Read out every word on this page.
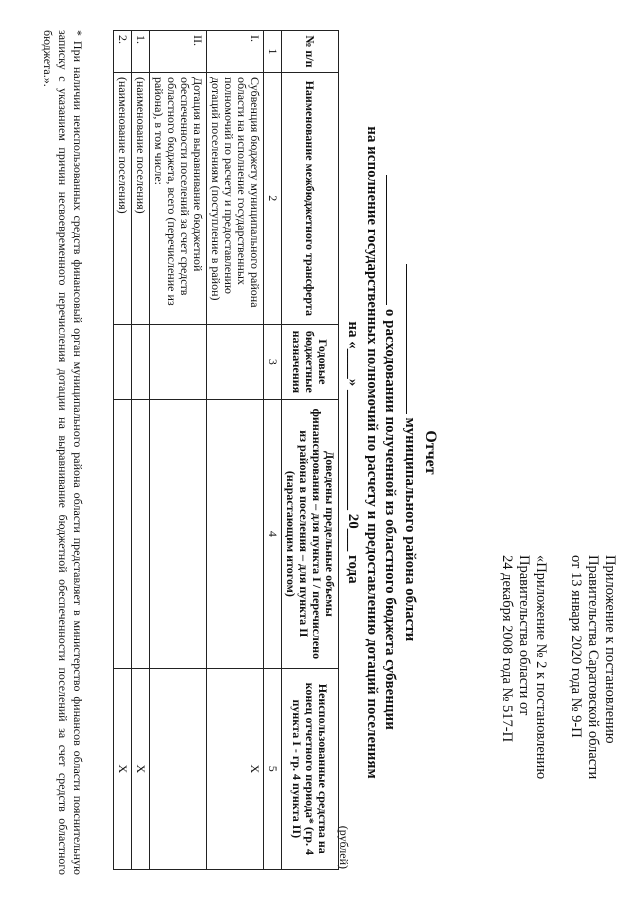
Приложение к постановлению
Правительства Саратовской области
от 13 января 2020 года № 9-П
«Приложение № 2 к постановлению
Правительства области от
24 декабря 2008 года № 517-П
Отчет
муниципального района области
о расходовании полученной из областного бюджета субвенции
на исполнение государственных полномочий по расчету и предоставлению дотаций поселениям
на «____» ________________ 20___ года
(рублей)
№ п/п	Наименование межбюджетного трансферта	Годовые бюджетные назначения	Доведены предельные объемы финансирования – для пункта I / перечислено из района в поселения – для пункта II (нарастающим итогом)	Неиспользованные средства на конец отчетного периода* (гр. 4 пункта I - гр. 4 пункта II)
1	2	3	4	5
I.	Субвенция бюджету муниципального района области на исполнение государственных полномочий по расчету и предоставлению дотаций поселениям (поступление в район)			Х
II.	Дотация на выравнивание бюджетной обеспеченности поселений за счет средств областного бюджета, всего (перечисление из района), в том числе:			
1.	(наименование поселения)			Х
2.	(наименование поселения)			Х
* При наличии неиспользованных средств финансовый орган муниципального района области представляет в министерство финансов области пояснительную записку с указанием причин несвоевременного перечисления дотации на выравнивание бюджетной обеспеченности поселений за счет средств областного бюджета.».
